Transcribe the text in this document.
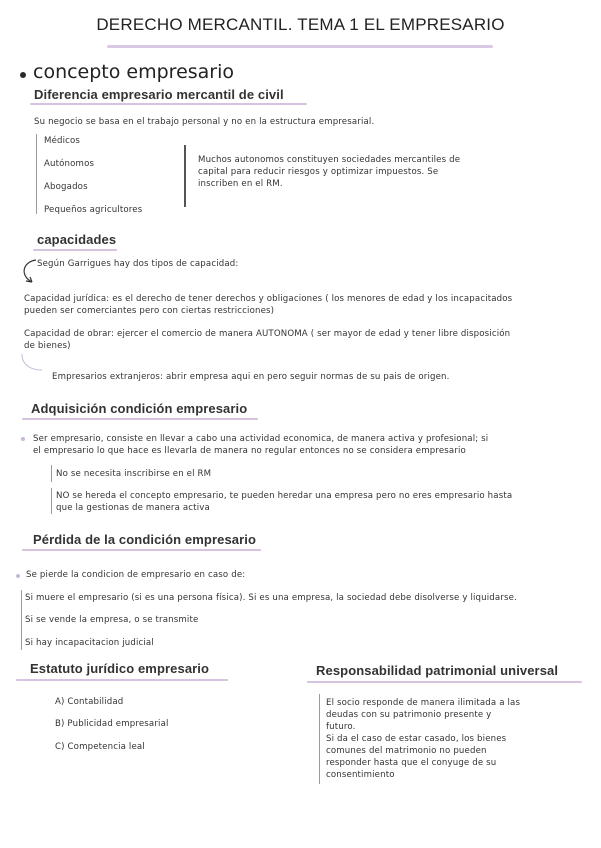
DERECHO MERCANTIL. TEMA 1 EL EMPRESARIO
concepto empresario
Diferencia empresario mercantil de civil
Su negocio se basa en el trabajo personal y no en la estructura empresarial.
Médicos
Autónomos
Abogados
Pequeños agricultores
Muchos autonomos constituyen sociedades mercantiles de
capital para reducir riesgos y optimizar impuestos. Se
inscriben en el RM.
capacidades
Según Garrigues hay dos tipos de capacidad:
Capacidad jurídica: es el derecho de tener derechos y obligaciones ( los menores de edad y los incapacitados
pueden ser comerciantes pero con ciertas restricciones)
Capacidad de obrar: ejercer el comercio de manera AUTONOMA ( ser mayor de edad y tener libre disposición
de bienes)
Empresarios extranjeros: abrir empresa aqui en pero seguir normas de su pais de origen.
Adquisición condición empresario
Ser empresario, consiste en llevar a cabo una actividad economica, de manera activa y profesional; si
el empresario lo que hace es llevarla de manera no regular entonces no se considera empresario
No se necesita inscribirse en el RM
NO se hereda el concepto empresario, te pueden heredar una empresa pero no eres empresario hasta
que la gestionas de manera activa
Pérdida de la condición empresario
Se pierde la condicion de empresario en caso de:
Si muere el empresario (si es una persona física). Si es una empresa, la sociedad debe disolverse y liquidarse.
Si se vende la empresa, o se transmite
Si hay incapacitacion judicial
Estatuto jurídico empresario
A) Contabilidad
B) Publicidad empresarial
C) Competencia leal
Responsabilidad patrimonial universal
El socio responde de manera ilimitada a las
deudas con su patrimonio presente y
futuro.
Si da el caso de estar casado, los bienes
comunes del matrimonio no pueden
responder hasta que el conyuge de su
consentimiento
